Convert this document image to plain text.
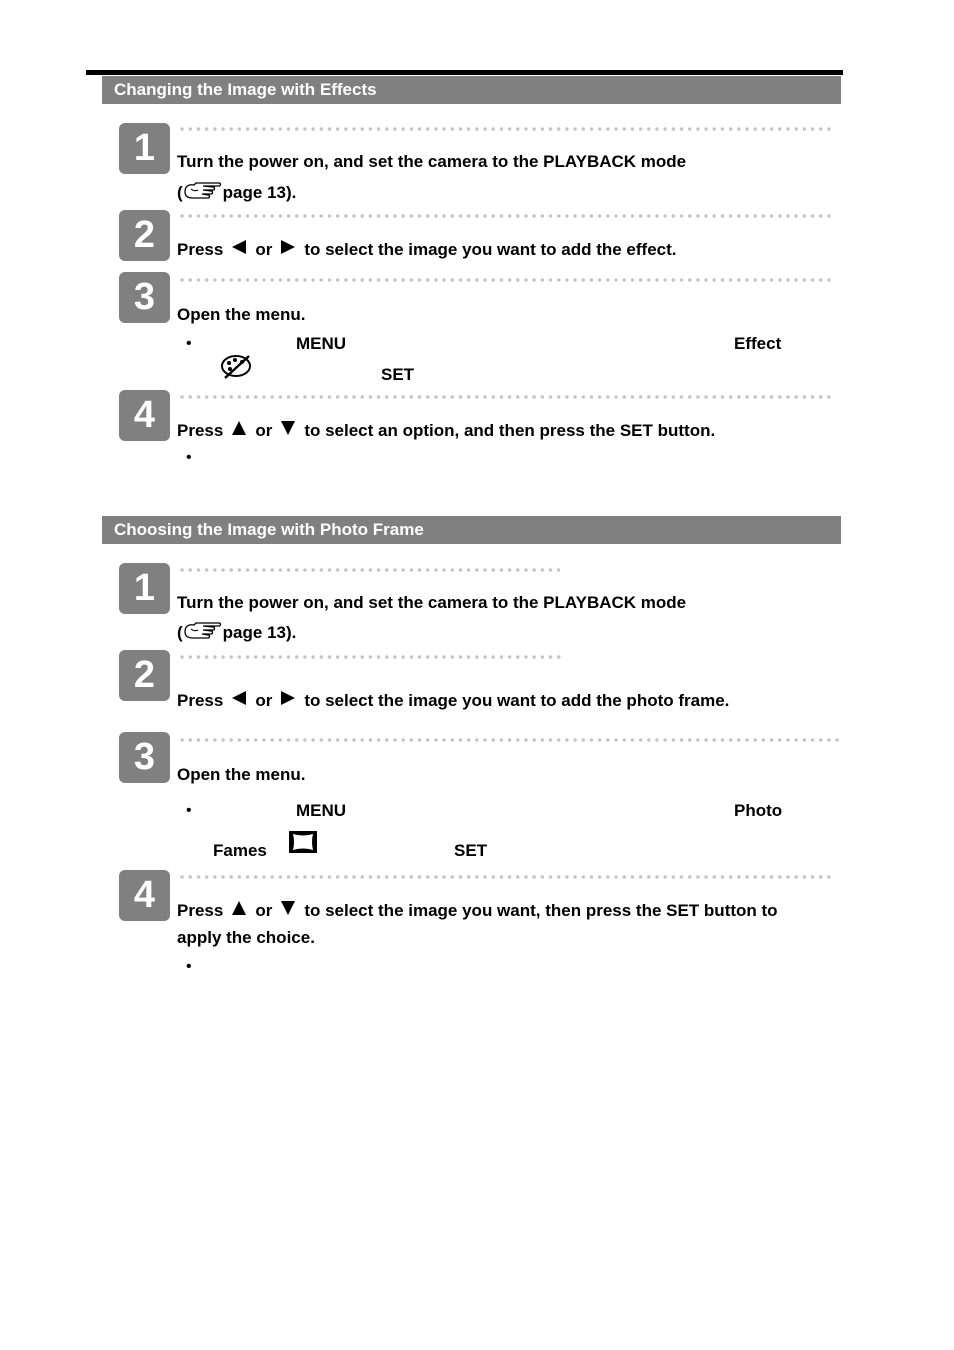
Changing the Image with Effects
1	Turn the power on, and set the camera to the PLAYBACK mode
( page 13).
2	Press or to select the image you want to add the effect.
3	Open the menu.
•	MENU	Effect
SET
4	Press or to select an option, and then press the SET button.
•
Choosing the Image with Photo Frame
1	Turn the power on, and set the camera to the PLAYBACK mode
( page 13).
2
Press or to select the image you want to add the photo frame.
3	Open the menu.
•	MENU	Photo
Fames	SET
4	Press or to select the image you want, then press the SET button to
apply the choice.
•
